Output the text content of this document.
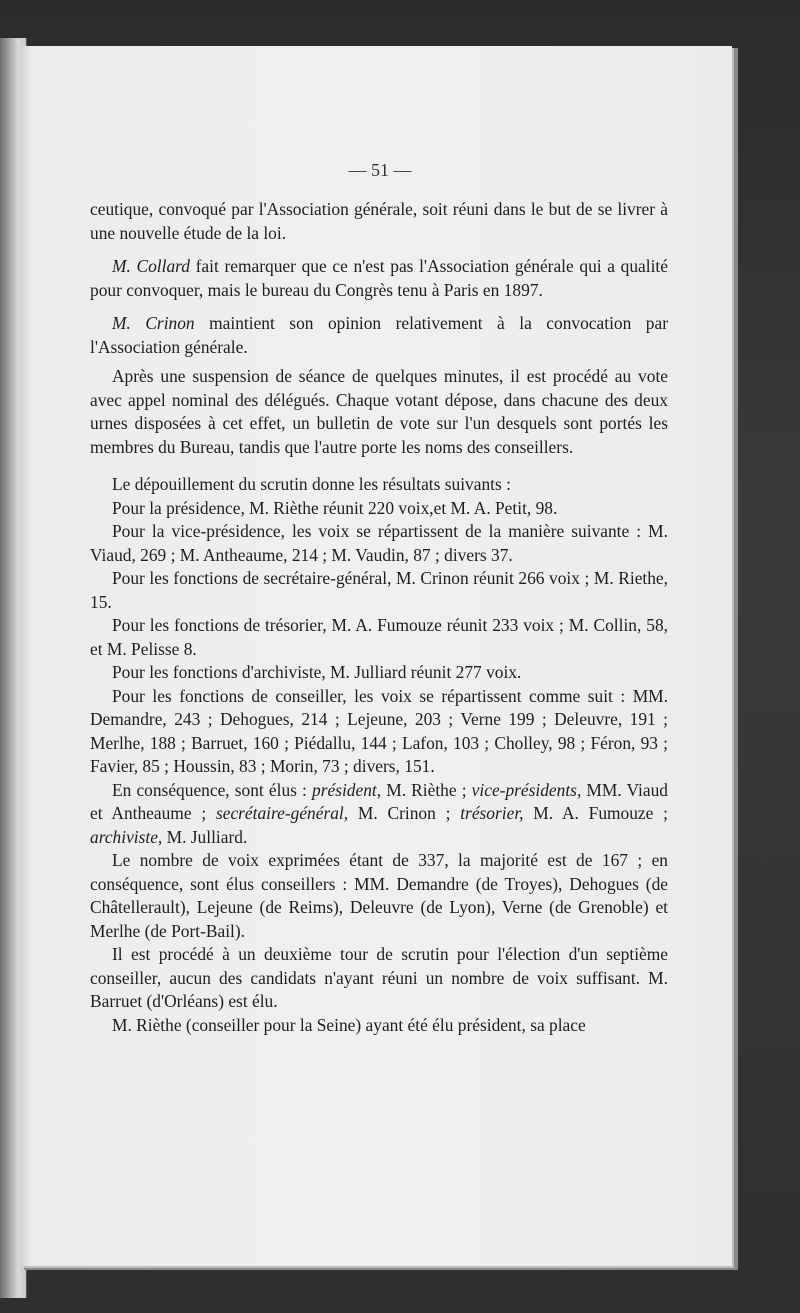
— 51 —

ceutique, convoqué par l'Association générale, soit réuni dans le but de se livrer à une nouvelle étude de la loi.

M. Collard fait remarquer que ce n'est pas l'Association générale qui a qualité pour convoquer, mais le bureau du Congrès tenu à Paris en 1897.

M. Crinon maintient son opinion relativement à la convocation par l'Association générale.

Après une suspension de séance de quelques minutes, il est procédé au vote avec appel nominal des délégués. Chaque votant dépose, dans chacune des deux urnes disposées à cet effet, un bulletin de vote sur l'un desquels sont portés les membres du Bureau, tandis que l'autre porte les noms des conseillers.

Le dépouillement du scrutin donne les résultats suivants :

Pour la présidence, M. Rièthe réunit 220 voix,et M. A. Petit, 98.

Pour la vice-présidence, les voix se répartissent de la manière suivante : M. Viaud, 269 ; M. Antheaume, 214 ; M. Vaudin, 87 ; divers 37.

Pour les fonctions de secrétaire-général, M. Crinon réunit 266 voix ; M. Riethe, 15.

Pour les fonctions de trésorier, M. A. Fumouze réunit 233 voix ; M. Collin, 58, et M. Pelisse 8.

Pour les fonctions d'archiviste, M. Julliard réunit 277 voix.

Pour les fonctions de conseiller, les voix se répartissent comme suit : MM. Demandre, 243 ; Dehogues, 214 ; Lejeune, 203 ; Verne 199 ; Deleuvre, 191 ; Merlhe, 188 ; Barruet, 160 ; Piédallu, 144 ; Lafon, 103 ; Cholley, 98 ; Féron, 93 ; Favier, 85 ; Houssin, 83 ; Morin, 73 ; divers, 151.

En conséquence, sont élus : président, M. Rièthe ; vice-présidents, MM. Viaud et Antheaume ; secrétaire-général, M. Crinon ; trésorier, M. A. Fumouze ; archiviste, M. Julliard.

Le nombre de voix exprimées étant de 337, la majorité est de 167 ; en conséquence, sont élus conseillers : MM. Demandre (de Troyes), Dehogues (de Châtellerault), Lejeune (de Reims), Deleuvre (de Lyon), Verne (de Grenoble) et Merlhe (de Port-Bail).

Il est procédé à un deuxième tour de scrutin pour l'élection d'un septième conseiller, aucun des candidats n'ayant réuni un nombre de voix suffisant. M. Barruet (d'Orléans) est élu.

M. Rièthe (conseiller pour la Seine) ayant été élu président, sa place
